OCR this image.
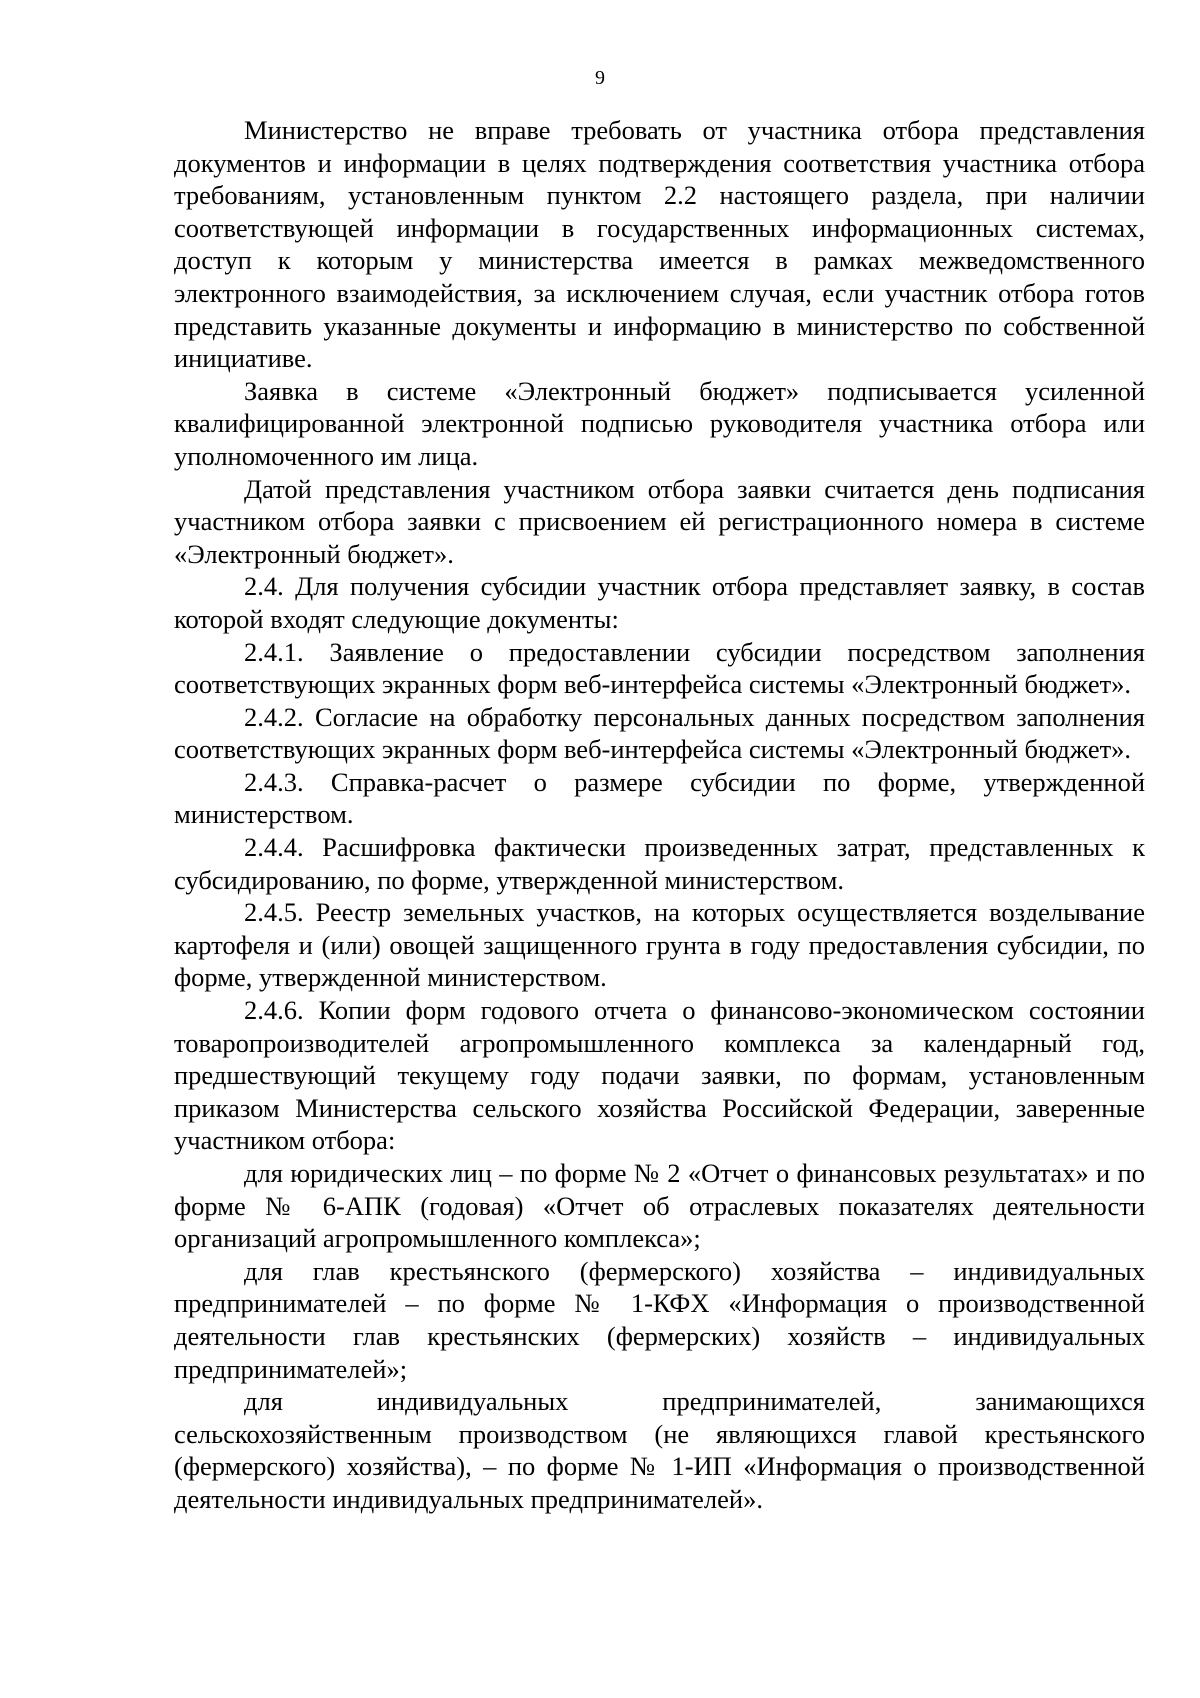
9

Министерство не вправе требовать от участника отбора представления документов и информации в целях подтверждения соответствия участника отбора требованиям, установленным пунктом 2.2 настоящего раздела, при наличии соответствующей информации в государственных информационных системах, доступ к которым у министерства имеется в рамках межведомственного электронного взаимодействия, за исключением случая, если участник отбора готов представить указанные документы и информацию в министерство по собственной инициативе.

Заявка в системе «Электронный бюджет» подписывается усиленной квалифицированной электронной подписью руководителя участника отбора или уполномоченного им лица.

Датой представления участником отбора заявки считается день подписания участником отбора заявки с присвоением ей регистрационного номера в системе «Электронный бюджет».

2.4. Для получения субсидии участник отбора представляет заявку, в состав которой входят следующие документы:

2.4.1. Заявление о предоставлении субсидии посредством заполнения соответствующих экранных форм веб-интерфейса системы «Электронный бюджет».

2.4.2. Согласие на обработку персональных данных посредством заполнения соответствующих экранных форм веб-интерфейса системы «Электронный бюджет».

2.4.3. Справка-расчет о размере субсидии по форме, утвержденной министерством.

2.4.4. Расшифровка фактически произведенных затрат, представленных к субсидированию, по форме, утвержденной министерством.

2.4.5. Реестр земельных участков, на которых осуществляется возделывание картофеля и (или) овощей защищенного грунта в году предоставления субсидии, по форме, утвержденной министерством.

2.4.6. Копии форм годового отчета о финансово-экономическом состоянии товаропроизводителей агропромышленного комплекса за календарный год, предшествующий текущему году подачи заявки, по формам, установленным приказом Министерства сельского хозяйства Российской Федерации, заверенные участником отбора:

для юридических лиц – по форме № 2 «Отчет о финансовых результатах» и по форме № 6-АПК (годовая) «Отчет об отраслевых показателях деятельности организаций агропромышленного комплекса»;

для глав крестьянского (фермерского) хозяйства – индивидуальных предпринимателей – по форме № 1-КФХ «Информация о производственной деятельности глав крестьянских (фермерских) хозяйств – индивидуальных предпринимателей»;

для индивидуальных предпринимателей, занимающихся сельскохозяйственным производством (не являющихся главой крестьянского (фермерского) хозяйства), – по форме № 1-ИП «Информация о производственной деятельности индивидуальных предпринимателей».
